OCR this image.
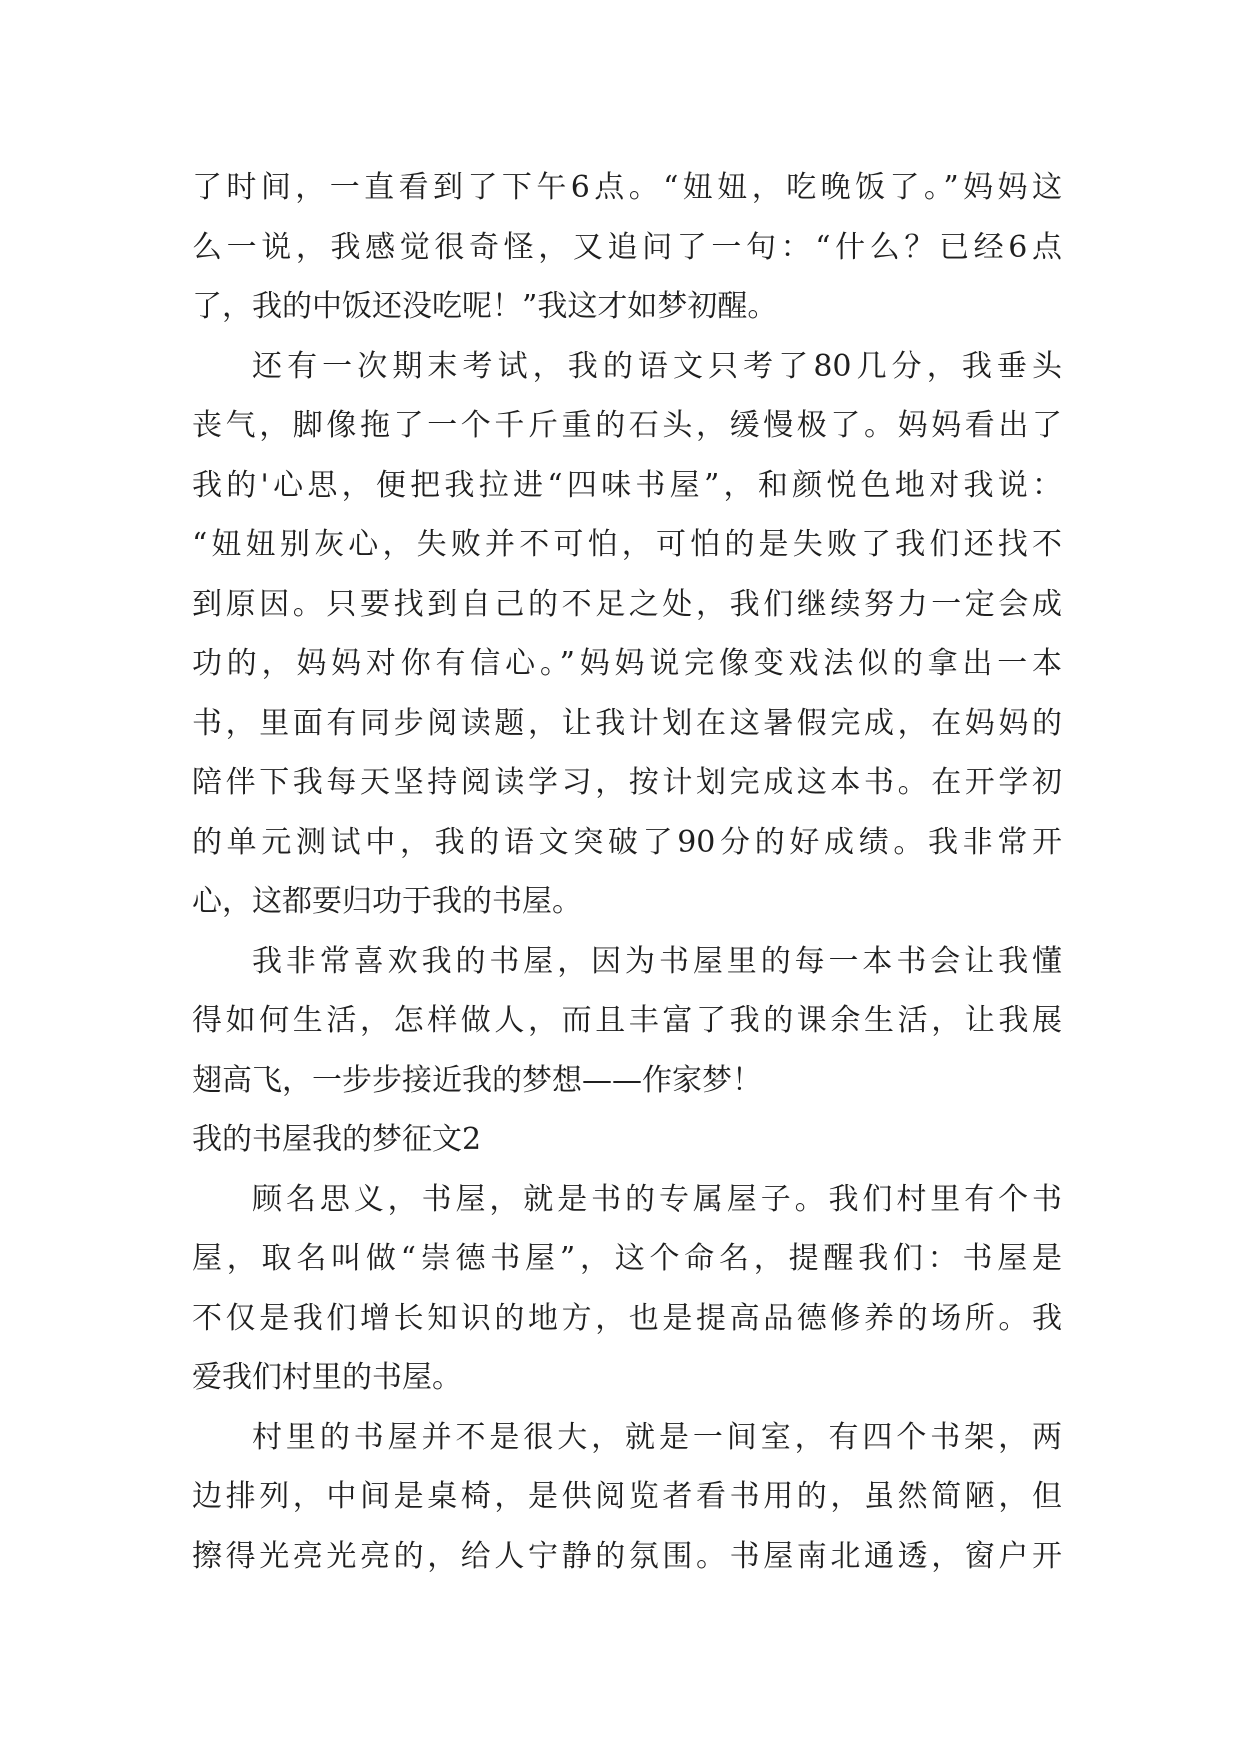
了时间，一直看到了下午6点。“妞妞，吃晚饭了。”妈妈这
么一说，我感觉很奇怪，又追问了一句：“什么？已经6点
了，我的中饭还没吃呢！”我这才如梦初醒。
还有一次期末考试，我的语文只考了80几分，我垂头
丧气，脚像拖了一个千斤重的石头，缓慢极了。妈妈看出了
我的'心思，便把我拉进“四味书屋”，和颜悦色地对我说：
“妞妞别灰心，失败并不可怕，可怕的是失败了我们还找不
到原因。只要找到自己的不足之处，我们继续努力一定会成
功的，妈妈对你有信心。”妈妈说完像变戏法似的拿出一本
书，里面有同步阅读题，让我计划在这暑假完成，在妈妈的
陪伴下我每天坚持阅读学习，按计划完成这本书。在开学初
的单元测试中，我的语文突破了90分的好成绩。我非常开
心，这都要归功于我的书屋。
我非常喜欢我的书屋，因为书屋里的每一本书会让我懂
得如何生活，怎样做人，而且丰富了我的课余生活，让我展
翅高飞，一步步接近我的梦想——作家梦！
我的书屋我的梦征文2
顾名思义，书屋，就是书的专属屋子。我们村里有个书
屋，取名叫做“崇德书屋”，这个命名，提醒我们：书屋是
不仅是我们增长知识的地方，也是提高品德修养的场所。我
爱我们村里的书屋。
村里的书屋并不是很大，就是一间室，有四个书架，两
边排列，中间是桌椅，是供阅览者看书用的，虽然简陋，但
擦得光亮光亮的，给人宁静的氛围。书屋南北通透，窗户开
